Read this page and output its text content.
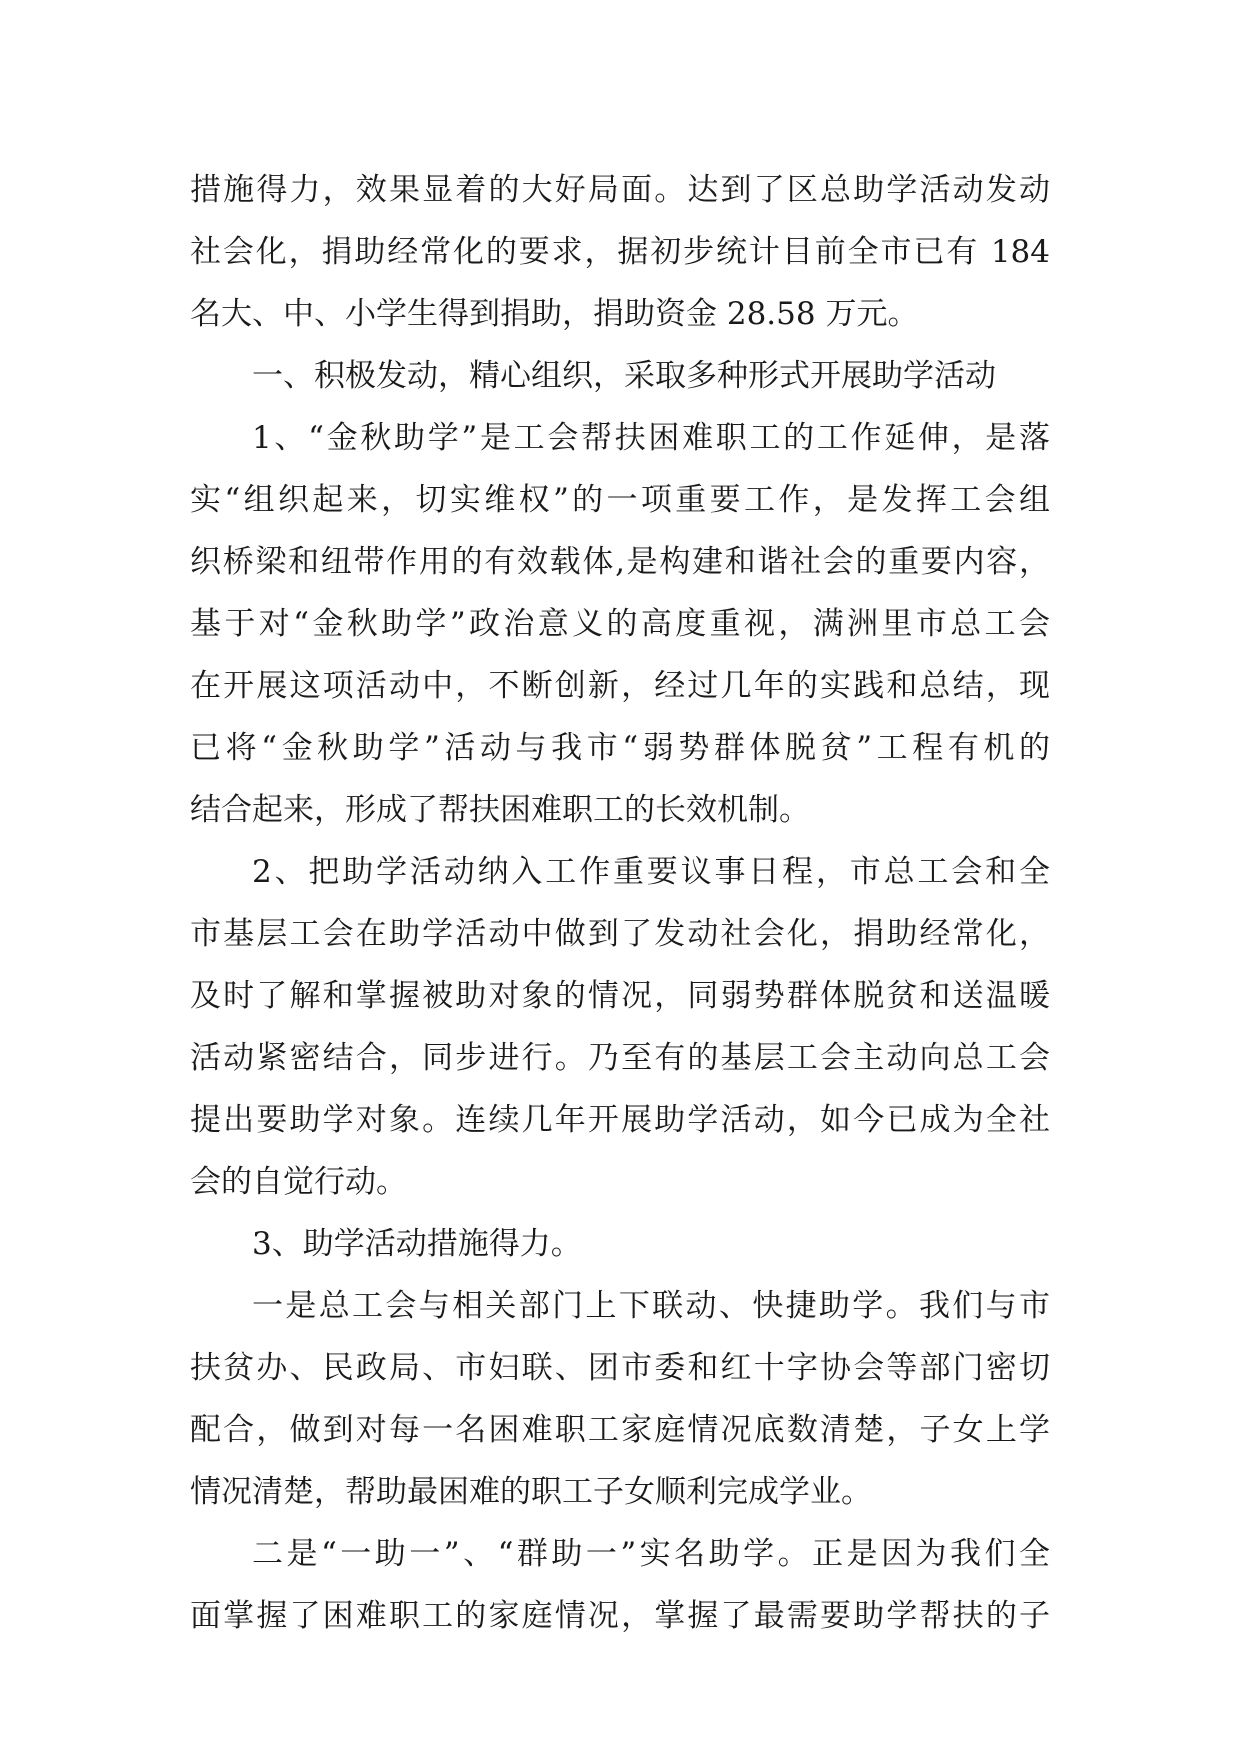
措施得力，效果显着的大好局面。达到了区总助学活动发动
社会化，捐助经常化的要求，据初步统计目前全市已有 184
名大、中、小学生得到捐助，捐助资金 28.58 万元。
一、积极发动，精心组织，采取多种形式开展助学活动
1、“金秋助学”是工会帮扶困难职工的工作延伸，是落
实“组织起来，切实维权”的一项重要工作，是发挥工会组
织桥梁和纽带作用的有效载体,是构建和谐社会的重要内容，
基于对“金秋助学”政治意义的高度重视，满洲里市总工会
在开展这项活动中，不断创新，经过几年的实践和总结，现
已将“金秋助学”活动与我市“弱势群体脱贫”工程有机的
结合起来，形成了帮扶困难职工的长效机制。
2、把助学活动纳入工作重要议事日程，市总工会和全
市基层工会在助学活动中做到了发动社会化，捐助经常化，
及时了解和掌握被助对象的情况，同弱势群体脱贫和送温暖
活动紧密结合，同步进行。乃至有的基层工会主动向总工会
提出要助学对象。连续几年开展助学活动，如今已成为全社
会的自觉行动。
3、助学活动措施得力。
一是总工会与相关部门上下联动、快捷助学。我们与市
扶贫办、民政局、市妇联、团市委和红十字协会等部门密切
配合，做到对每一名困难职工家庭情况底数清楚，子女上学
情况清楚，帮助最困难的职工子女顺利完成学业。
二是“一助一”、“群助一”实名助学。正是因为我们全
面掌握了困难职工的家庭情况，掌握了最需要助学帮扶的子
